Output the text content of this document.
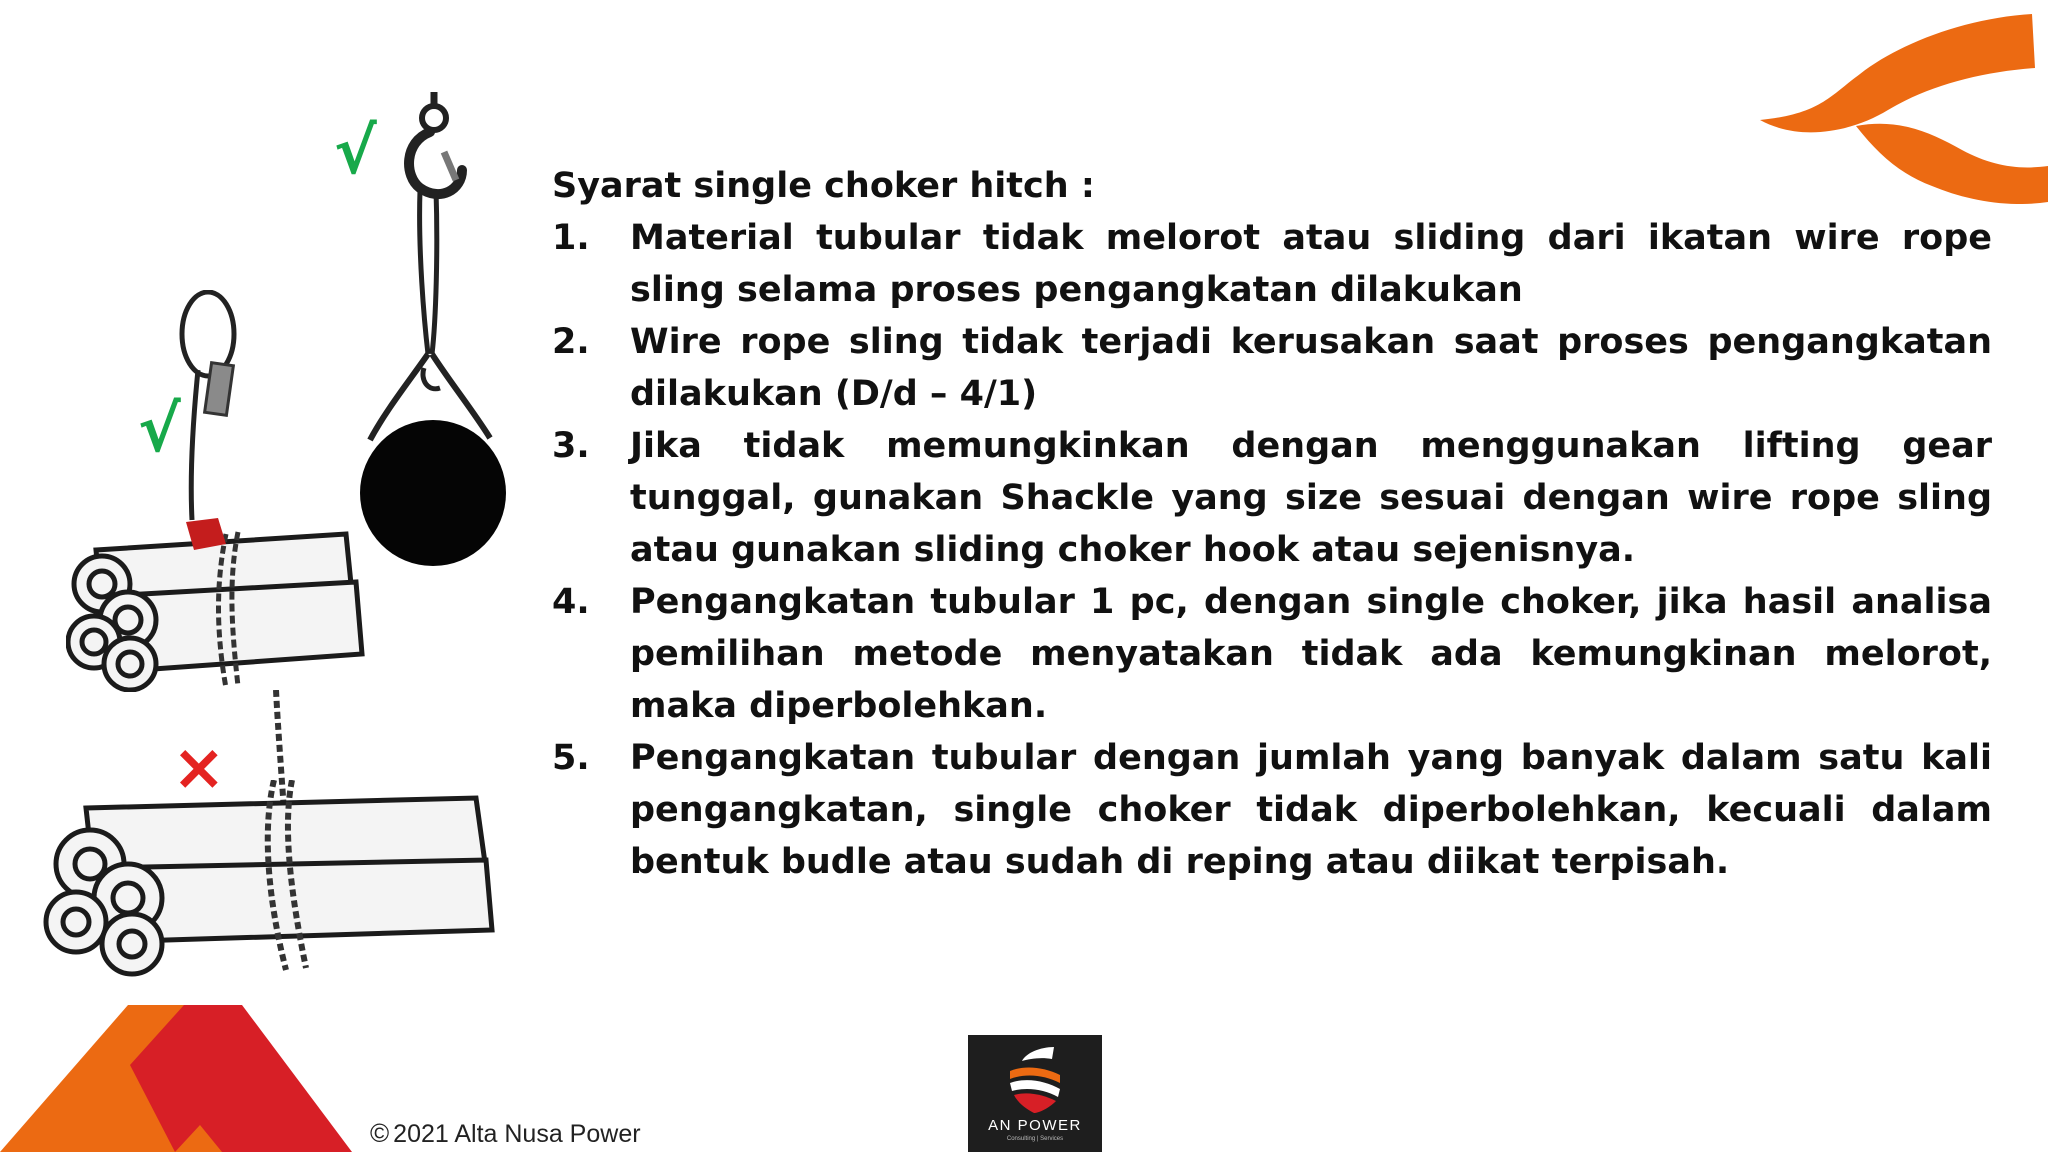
√
√
×
Syarat single choker hitch :
1. Material tubular tidak melorot atau sliding dari ikatan wire rope sling selama proses pengangkatan dilakukan
2. Wire rope sling tidak terjadi kerusakan saat proses pengangkatan dilakukan (D/d – 4/1)
3. Jika tidak memungkinkan dengan menggunakan lifting gear tunggal, gunakan Shackle yang size sesuai dengan wire rope sling atau gunakan sliding choker hook atau sejenisnya.
4. Pengangkatan tubular 1 pc, dengan single choker, jika hasil analisa pemilihan metode menyatakan tidak ada kemungkinan melorot, maka diperbolehkan.
5. Pengangkatan tubular dengan jumlah yang banyak dalam satu kali pengangkatan, single choker tidak diperbolehkan, kecuali dalam bentuk budle atau sudah di reping atau diikat terpisah.
© 2021 Alta Nusa Power	AN POWER
Consulting | Services
